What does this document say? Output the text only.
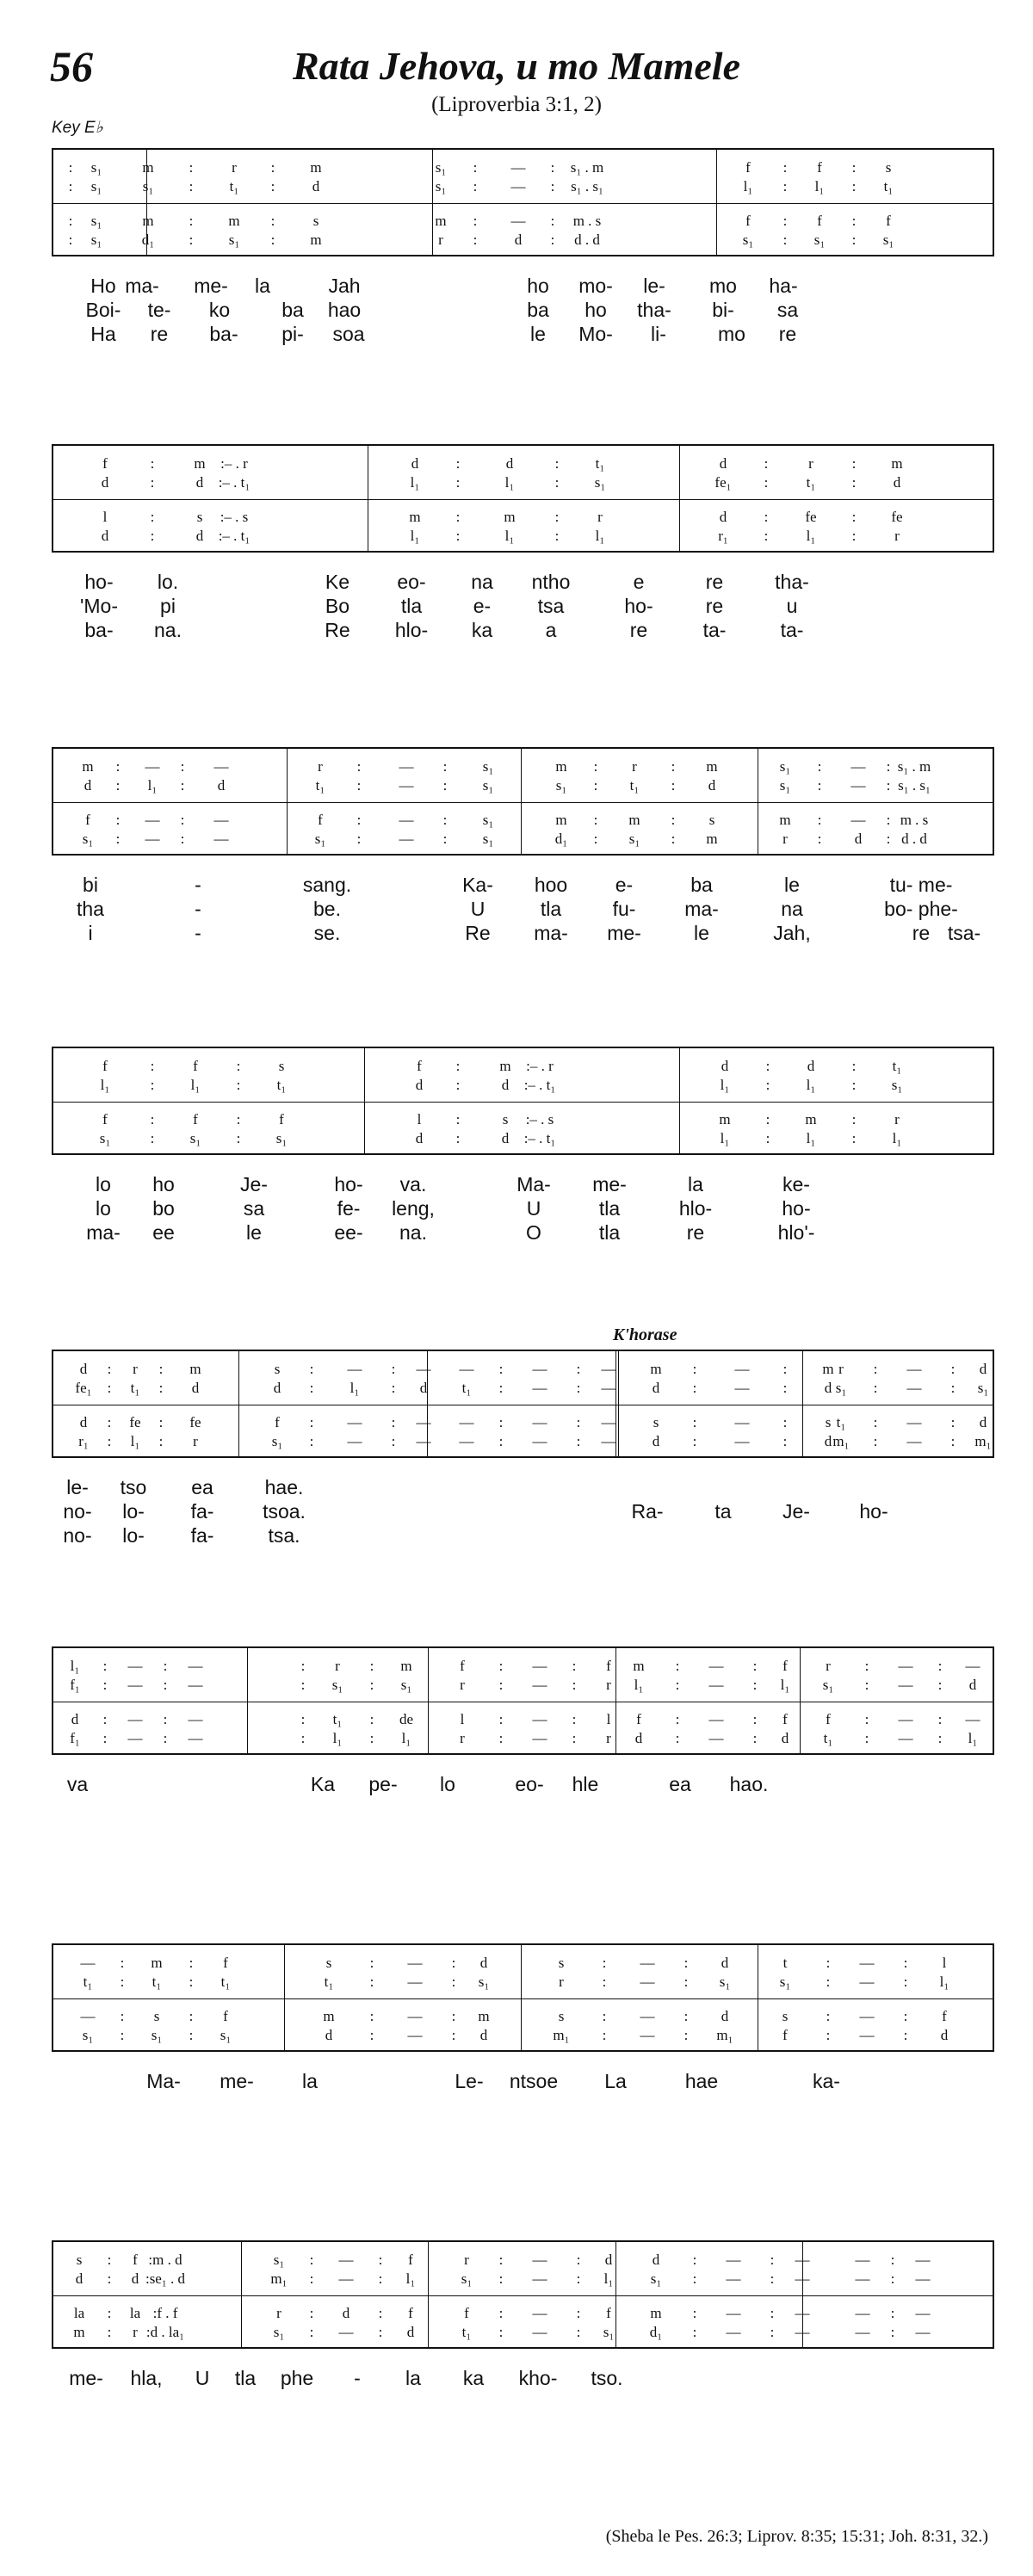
56	Rata Jehova, u mo Mamele
(Liproverbia 3:1, 2)
Key E♭
K'horase
:	s₁	m	:	r	:	m	s₁	:	—	:	s₁ . m	f	:	f	:	s
:	s₁	s₁	:	t₁	:	d	s₁	:	—	:	s₁ . s₁	l₁	:	l₁	:	t₁
:	s₁	m	:	m	:	s	m	:	—	:	m . s	f	:	f	:	f
:	s₁	d₁	:	s₁	:	m	r	:	d	:	d . d	s₁	:	s₁	:	s₁
Ho ma-	me-	la	Jah	ho	mo-	le-	mo	ha-
Boi-	te-	ko	ba	hao	ba	ho	tha-	bi-	sa
Ha	re	ba-	pi-	soa	le	Mo-	li-	mo	re
f	:	m	:– . r	d	:	d	:	t₁	d	:	r	:	m
d	:	d	:– . t₁	l₁	:	l₁	:	s₁	fe₁	:	t₁	:	d
l	:	s	:– . s	m	:	m	:	r	d	:	fe	:	fe
d	:	d	:– . t₁	l₁	:	l₁	:	l₁	r₁	:	l₁	:	r
ho-	lo.	Ke	eo-	na	ntho	e	re	tha-
'Mo-	pi	Bo	tla	e-	tsa	ho-	re	u
ba-	na.	Re	hlo-	ka	a	re	ta-	ta-
m	:	—	:	—	r	:	—	:	s₁	m	:	r	:	m	s₁	:	—	: s₁ . m
d	:	l₁	:	d	t₁	:	—	:	s₁	s₁	:	t₁	:	d	s₁	:	—	: s₁ . s₁
f	:	—	:	—	f	:	—	:	s₁	m	:	m	:	s	m	:	—	: m . s
s₁	:	—	:	—	s₁	:	—	:	s₁	d₁	:	s₁	:	m	r	:	d	: d . d
bi	-	sang.	Ka-	hoo	e-	ba	le	tu- me-
tha	-	be.	U	tla	fu-	ma-	na	bo- phe-
i	-	se.	Re	ma-	me-	le	Jah,	re tsa-
f	:	f	:	s	f	:	m	:– . r	d	:	d	:	t₁
l₁	:	l₁	:	t₁	d	:	d	:– . t₁	l₁	:	l₁	:	s₁
f	:	f	:	f	l	:	s	:– . s	m	:	m	:	r
s₁	:	s₁	:	s₁	d	:	d	:– . t₁	l₁	:	l₁	:	l₁
lo	ho	Je-	ho-	va.	Ma-	me-	la	ke-
lo	bo	sa	fe-	leng,	U	tla	hlo-	ho-
ma-	ee	le	ee-	na.	O	tla	re	hlo'-
d	:	r	:	m	s	:	—	:	—	—	:	—	:	—	m	:	—	:	m r	:	—	:	d
fe₁	:	t₁	:	d	d	:	l₁	:	d	t₁	:	—	:	—	d	:	—	:	d s₁	:	—	:	s₁
d	:	fe	:	fe	f	:	—	:	—	—	:	—	:	—	s	:	—	:	s t₁	:	—	:	d
r₁	:	l₁	:	r	s₁	:	—	:	—	—	:	—	:	—	d	:	—	:	d m₁	:	—	:	m₁
le-	tso	ea	hae.
no-	lo-	fa-	tsoa.	Ra-	ta	Je-	ho-
no-	lo-	fa-	tsa.
l₁	:	—	:	—	:	r	:	m	f	:	—	:	f	m	:	—	:	f	r	:	—	:	—
f₁	:	—	:	—	:	s₁	:	s₁	r	:	—	:	r	l₁	:	—	:	l₁	s₁	:	—	:	d
d	:	—	:	—	:	t₁	:	de	l	:	—	:	l	f	:	—	:	f	f	:	—	:	—
f₁	:	—	:	—	:	l₁	:	l₁	r	:	—	:	r	d	:	—	:	d	t₁	:	—	:	l₁
va	Ka	pe-	lo	eo-	hle	ea	hao.
—	:	m	:	f	s	:	—	:	d	s	:	—	:	d	t	:	—	:	l
t₁	:	t₁	:	t₁	t₁	:	—	:	s₁	r	:	—	:	s₁	s₁	:	—	:	l₁
—	:	s	:	f	m	:	—	:	m	s	:	—	:	d	s	:	—	:	f
s₁	:	s₁	:	s₁	d	:	—	:	d	m₁	:	—	:	m₁	f	:	—	:	d
Ma-	me-	la	Le-	ntsoe	La	hae	ka-
s	:	f :m . d	s₁	:	—	:	f	r	:	—	:	d	d	:	—	:	—	—	:	—
d	:	d :se₁ . d	m₁	:	—	:	l₁	s₁	:	—	:	l₁	s₁	:	—	:	—	—	:	—
la	:	la :f . f	r	:	d	:	f	f	:	—	:	f	m	:	—	:	—	—	:	—
m	:	r :d . la₁	s₁	:	—	:	d	t₁	:	—	:	s₁	d₁	:	—	:	—	—	:	—
me-	hla,	U	tla	phe	-	la	ka	kho-	tso.
(Sheba le Pes. 26:3; Liprov. 8:35; 15:31; Joh. 8:31, 32.)
